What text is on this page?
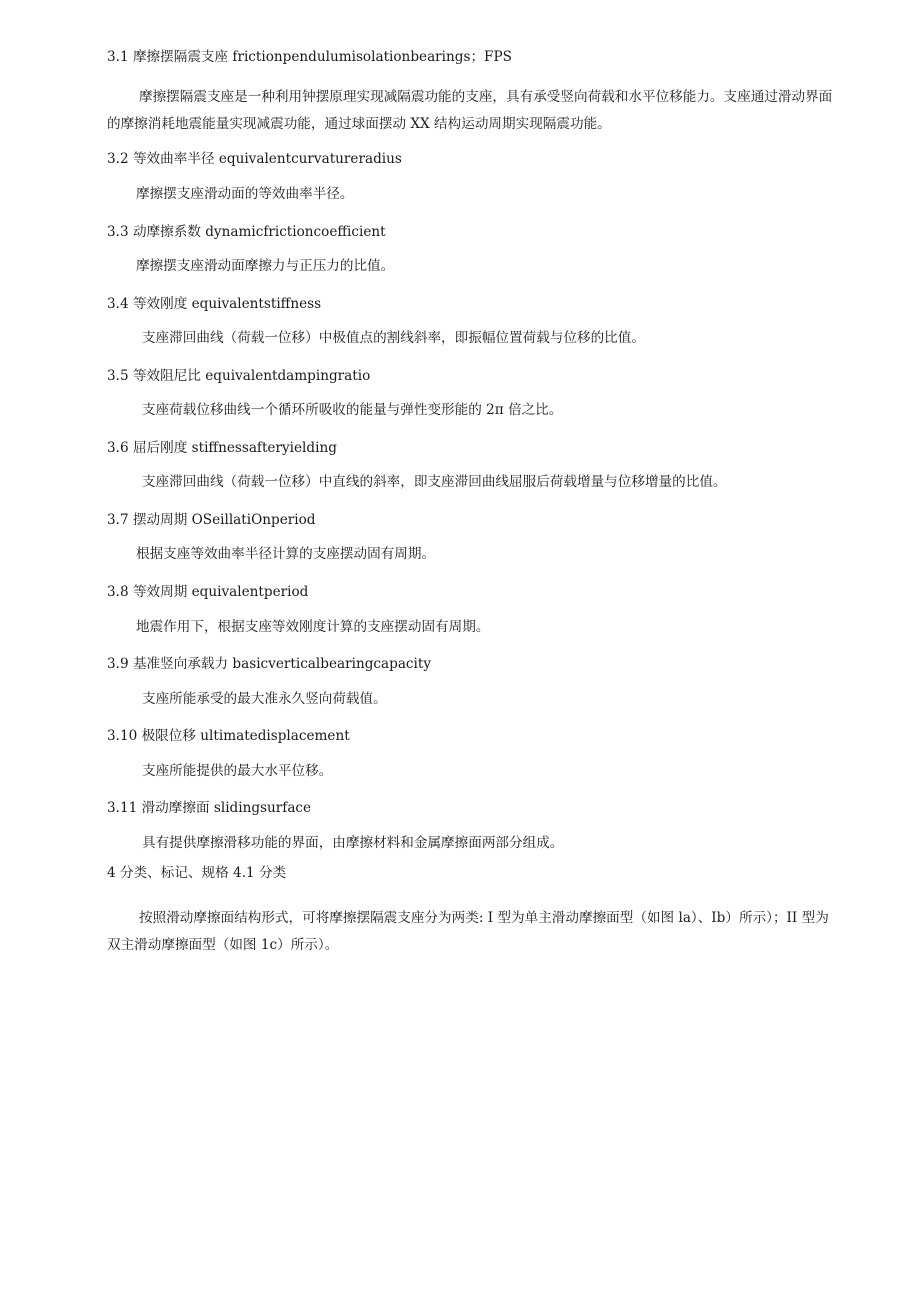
3.1 摩擦摆隔震支座 frictionpendulumisolationbearings；FPS

摩擦摆隔震支座是一种利用钟摆原理实现减隔震功能的支座，具有承受竖向荷载和水平位移能力。支座通过滑动界面的摩擦消耗地震能量实现减震功能，通过球面摆动 XX 结构运动周期实现隔震功能。

3.2 等效曲率半径 equivalentcurvatureradius

摩擦摆支座滑动面的等效曲率半径。

3.3 动摩擦系数 dynamicfrictioncoefficient

摩擦摆支座滑动面摩擦力与正压力的比值。

3.4 等效刚度 equivalentstiffness

支座滞回曲线（荷载一位移）中极值点的割线斜率，即振幅位置荷载与位移的比值。

3.5 等效阻尼比 equivalentdampingratio

支座荷载位移曲线一个循环所吸收的能量与弹性变形能的 2π 倍之比。

3.6 屈后刚度 stiffnessafteryielding

支座滞回曲线（荷载一位移）中直线的斜率，即支座滞回曲线屈服后荷载增量与位移增量的比值。

3.7 摆动周期 OSeillatiOnperiod

根据支座等效曲率半径计算的支座摆动固有周期。

3.8 等效周期 equivalentperiod

地震作用下，根据支座等效刚度计算的支座摆动固有周期。

3.9 基准竖向承载力 basicverticalbearingcapacity

支座所能承受的最大准永久竖向荷载值。

3.10 极限位移 ultimatedisplacement

支座所能提供的最大水平位移。

3.11 滑动摩擦面 slidingsurface

具有提供摩擦滑移功能的界面，由摩擦材料和金属摩擦面两部分组成。

4 分类、标记、规格 4.1 分类

按照滑动摩擦面结构形式，可将摩擦摆隔震支座分为两类: I 型为单主滑动摩擦面型（如图 la）、Ib）所示）；II 型为双主滑动摩擦面型（如图 1c）所示）。
